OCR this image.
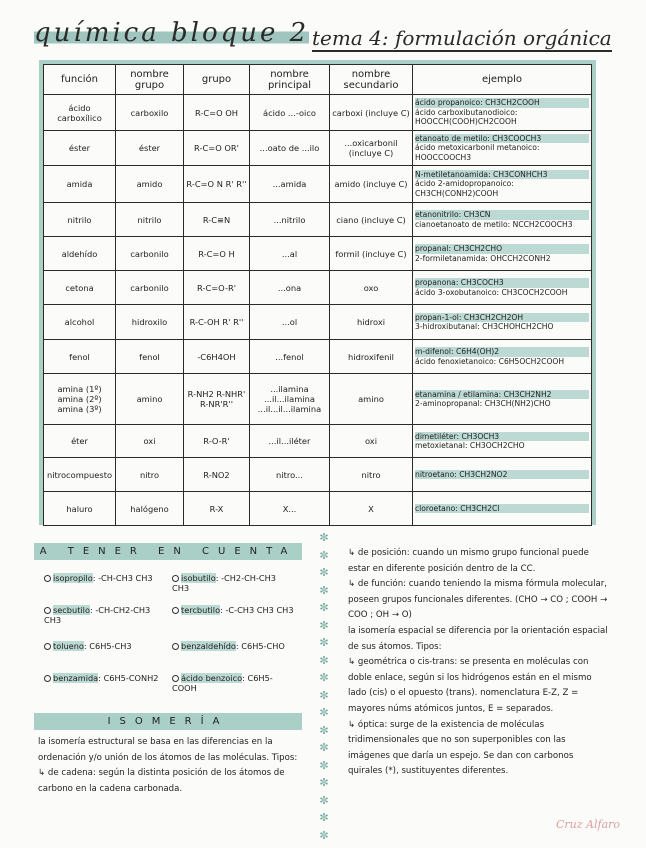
química bloque 2 tema 4: formulación orgánica
función	nombre grupo	grupo	nombre principal	nombre secundario	ejemplo
ácido carboxílico	carboxilo	R-C=O OH	ácido ...-oico	carboxi (incluye C)	ácido propanoico: CH3CH2COOH
ácido carboxibutanodioico: HOOCCH(COOH)CH2COOH

éster	éster	R-C=O OR'	...oato de ...ilo	...oxicarbonil (incluye C)	etanoato de metilo: CH3COOCH3
ácido metoxicarbonil metanoico: HOOCCOOCH3

amida	amido	R-C=O N R' R''	...amida	amido (incluye C)	N-metiletanoamida: CH3CONHCH3
ácido 2-amidopropanoico: CH3CH(CONH2)COOH

nitrilo	nitrilo	R-C≡N	...nitrilo	ciano (incluye C)	etanonitrilo: CH3CN
cianoetanoato de metilo: NCCH2COOCH3

aldehído	carbonilo	R-C=O H	...al	formil (incluye C)	propanal: CH3CH2CHO
2-formiletanamida: OHCCH2CONH2

cetona	carbonilo	R-C=O-R'	...ona	oxo	propanona: CH3COCH3
ácido 3-oxobutanoico: CH3COCH2COOH

alcohol	hidroxilo	R-C-OH R' R''	...ol	hidroxi	propan-1-ol: CH3CH2CH2OH
3-hidroxibutanal: CH3CHOHCH2CHO

fenol	fenol	-C6H4OH	...fenol	hidroxifenil	m-difenol: C6H4(OH)2
ácido fenoxietanoico: C6H5OCH2COOH

amina (1º) amina (2º) amina (3º)	amino	R-NH2 R-NHR' R-NR'R''	...ilamina ...il...ilamina ...il...il...ilamina	amino	etanamina / etilamina: CH3CH2NH2
2-aminopropanal: CH3CH(NH2)CHO

éter	oxi	R-O-R'	...il...iléter	oxi	dimetiléter: CH3OCH3
metoxietanal: CH3OCH2CHO

nitrocompuesto	nitro	R-NO2	nitro...	nitro	nitroetano: CH3CH2NO2

haluro	halógeno	R-X	X...	X	cloroetano: CH3CH2Cl
✼
✼
✼
✼
✼
✼
✼
✼
✼
✼
✼
✼
✼
✼
✼
✼
✼
✼
A TENER EN CUENTA
isopropilo: -CH-CH3 CH3	isobutilo: -CH2-CH-CH3 CH3
secbutilo: -CH-CH2-CH3 CH3
tercbutilo: -C-CH3 CH3 CH3
tolueno: C6H5-CH3	benzaldehído: C6H5-CHO
benzamida: C6H5-CONH2	ácido benzoico: C6H5-COOH
ISOMERÍA

la isomería estructural se basa en las diferencias en la ordenación y/o unión de los átomos de las moléculas. Tipos:

↳ de cadena: según la distinta posición de los átomos de carbono en la cadena carbonada.

↳ de posición: cuando un mismo grupo funcional puede estar en diferente posición dentro de la CC.

↳ de función: cuando teniendo la misma fórmula molecular, poseen grupos funcionales diferentes. (CHO → CO ; COOH → COO ; OH → O)

la isomería espacial se diferencia por la orientación espacial de sus átomos. Tipos:

↳ geométrica o cis-trans: se presenta en moléculas con doble enlace, según si los hidrógenos están en el mismo lado (cis) o el opuesto (trans). nomenclatura E-Z, Z = mayores núms atómicos juntos, E = separados.

↳ óptica: surge de la existencia de moléculas tridimensionales que no son superponibles con las imágenes que daría un espejo. Se dan con carbonos quirales (*), sustituyentes diferentes.

Cruz Alfaro
